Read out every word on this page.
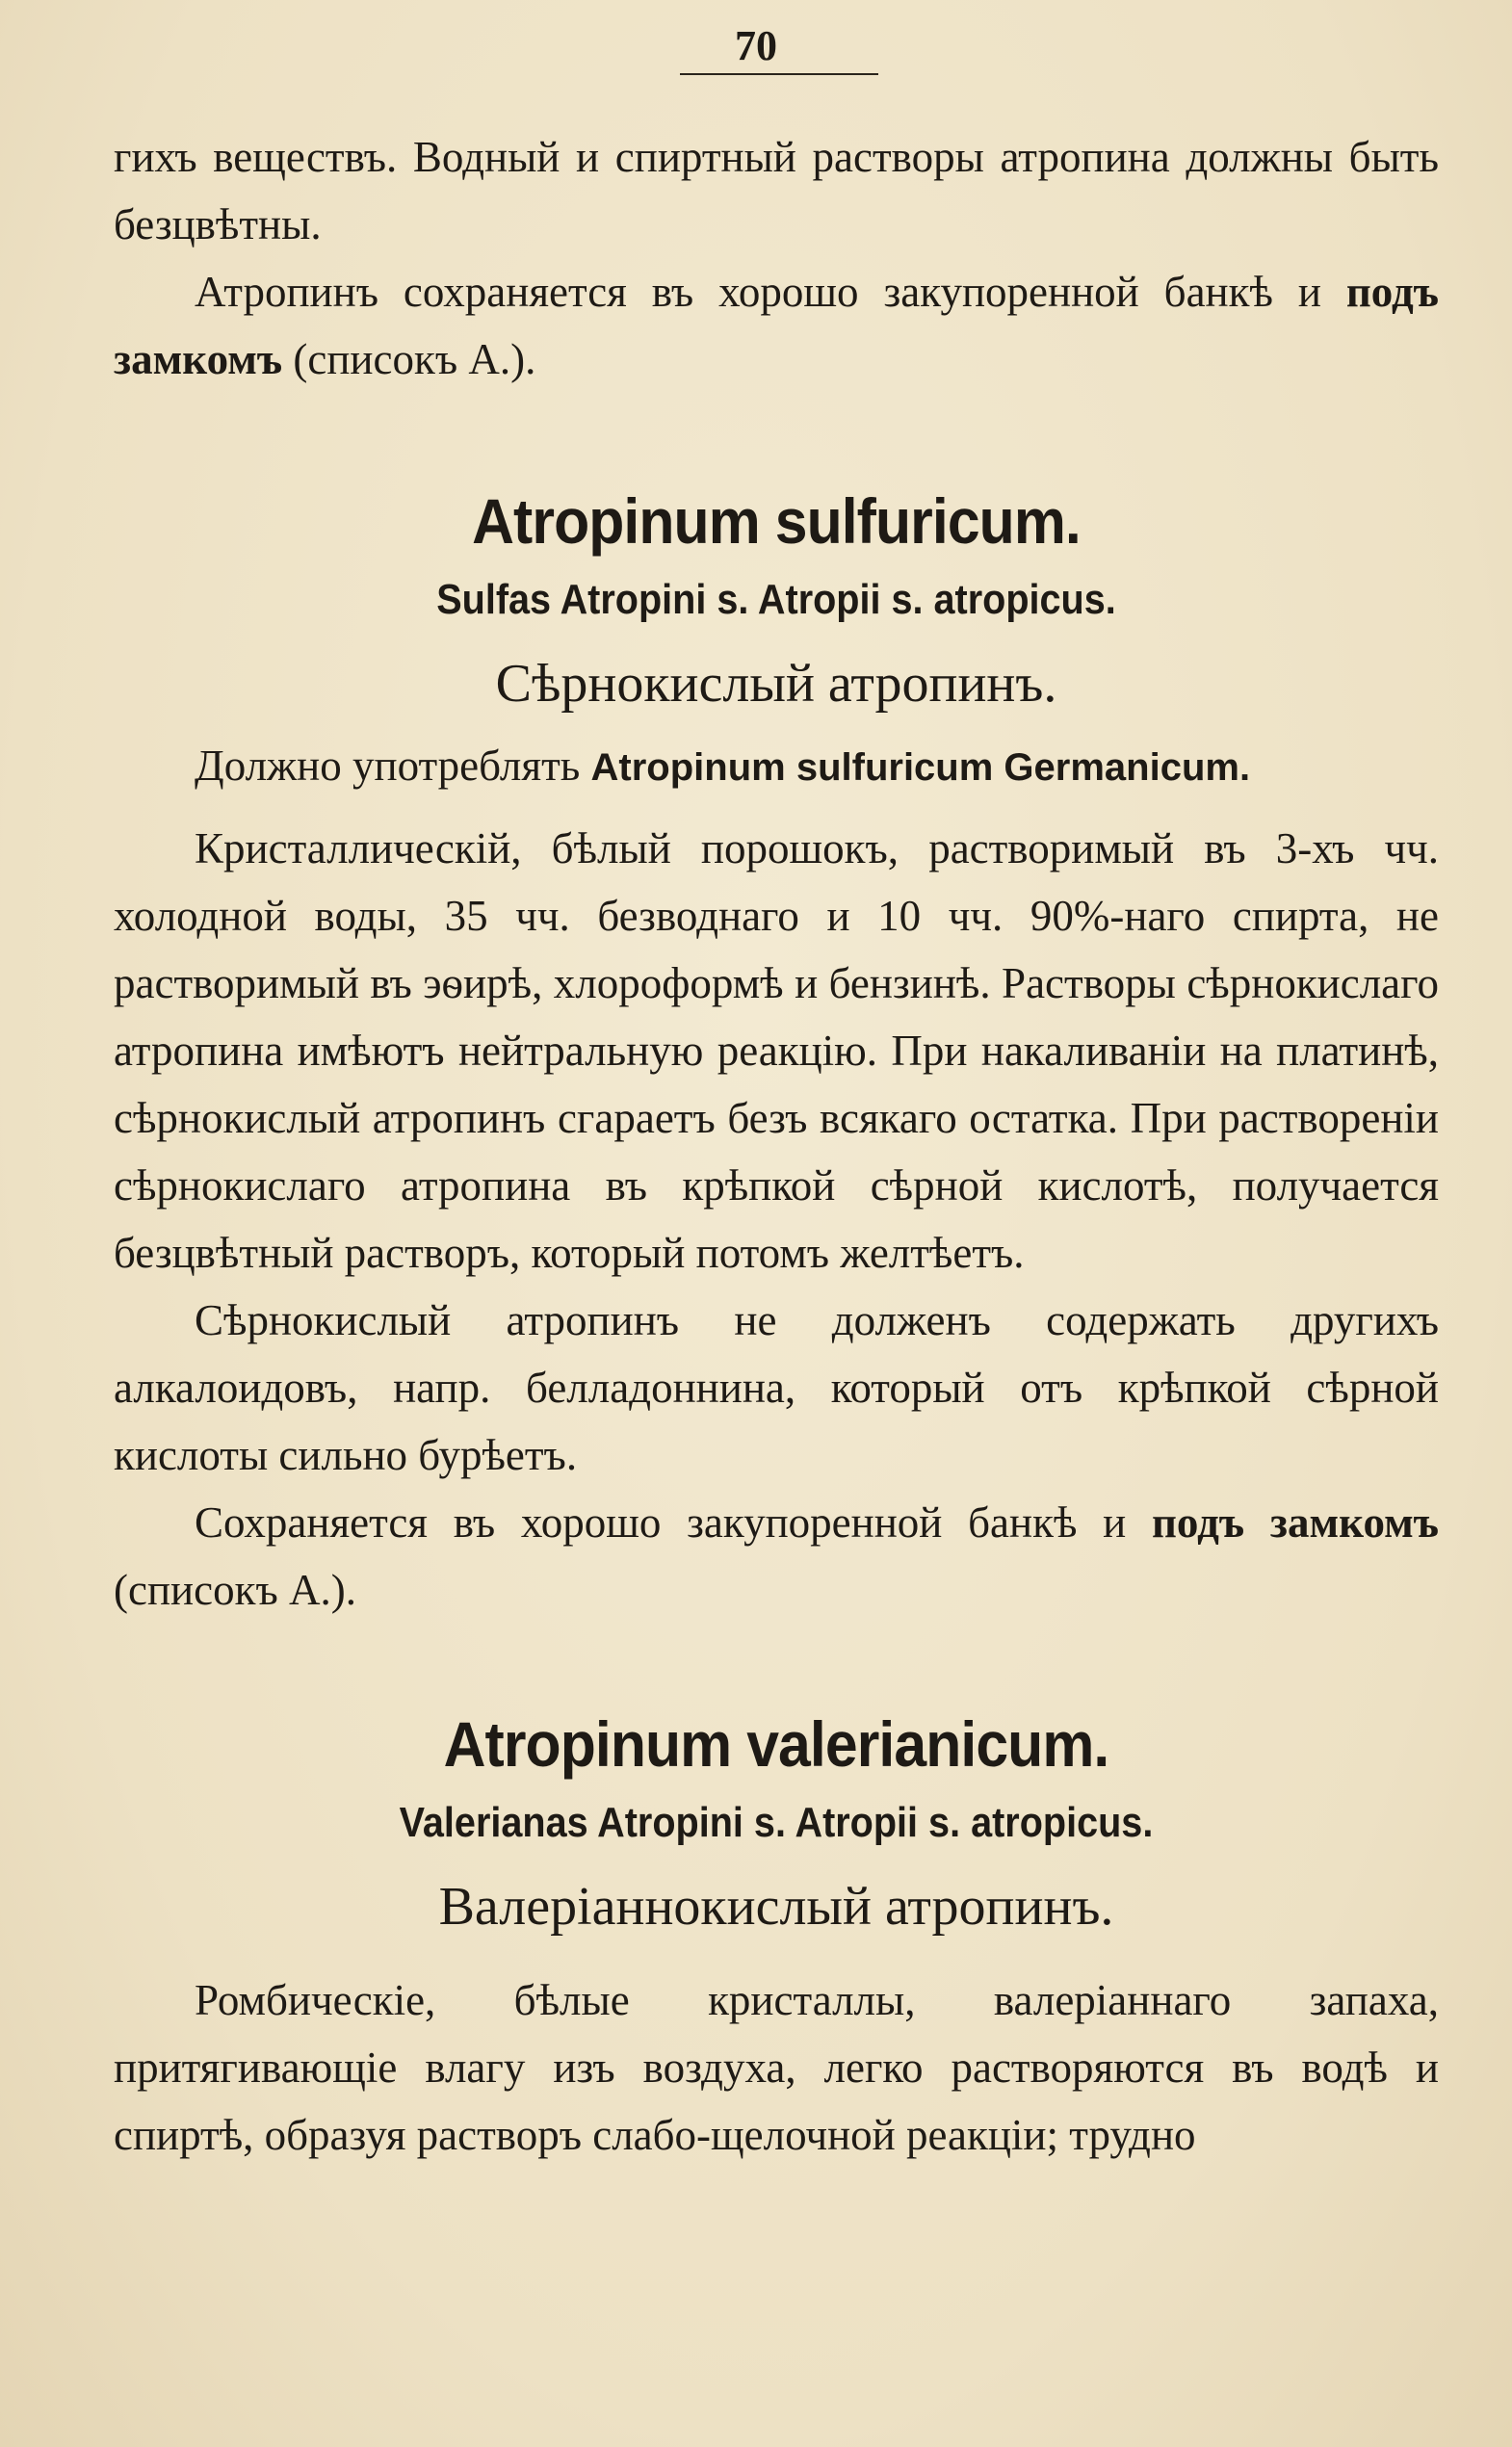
70

гихъ веществъ. Водный и спиртный растворы атропина должны быть безцвѣтны.

Атропинъ сохраняется въ хорошо закупоренной банкѣ и подъ замкомъ (списокъ А.).

Atropinum sulfuricum.
Sulfas Atropini s. Atropii s. atropicus.
Сѣрнокислый атропинъ.

Должно употреблять Atropinum sulfuricum Germanicum.

Кристаллическій, бѣлый порошокъ, растворимый въ 3-хъ чч. холодной воды, 35 чч. безводнаго и 10 чч. 90%-наго спирта, не растворимый въ эѳирѣ, хлороформѣ и бензинѣ. Растворы сѣрнокислаго атропина имѣютъ нейтральную реакцію. При накаливаніи на платинѣ, сѣрнокислый атропинъ сгараетъ безъ всякаго остатка. При раствореніи сѣрнокислаго атропина въ крѣпкой сѣрной кислотѣ, получается безцвѣтный растворъ, который потомъ желтѣетъ.

Сѣрнокислый атропинъ не долженъ содержать другихъ алкалоидовъ, напр. белладоннина, который отъ крѣпкой сѣрной кислоты сильно бурѣетъ.

Сохраняется въ хорошо закупоренной банкѣ и подъ замкомъ (списокъ А.).

Atropinum valerianicum.
Valerianas Atropini s. Atropii s. atropicus.
Валеріаннокислый атропинъ.

Ромбическіе, бѣлые кристаллы, валеріаннаго запаха, притягивающіе влагу изъ воздуха, легко растворяются въ водѣ и спиртѣ, образуя растворъ слабо-щелочной реакціи; трудно
